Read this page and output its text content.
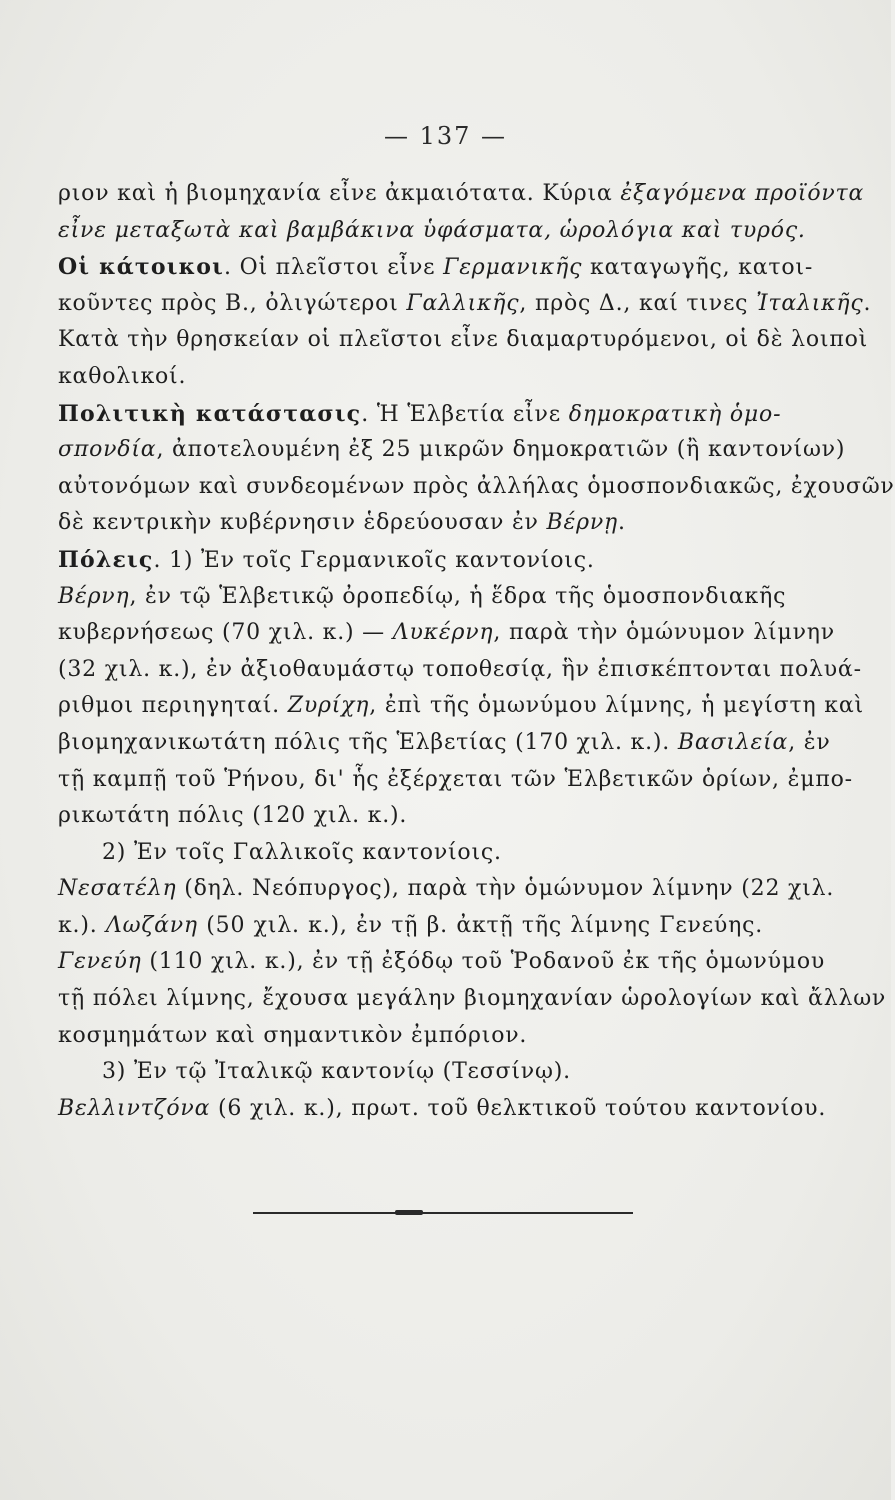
— 137 —
ριον καὶ ἡ βιομηχανία εἶνε ἀκμαιότατα. Κύρια ἐξαγόμενα προϊόντα
εἶνε μεταξωτὰ καὶ βαμβάκινα ὑφάσματα, ὡρολόγια καὶ τυρός.
Οἱ κάτοικοι. Οἱ πλεῖστοι εἶνε Γερμανικῆς καταγωγῆς, κατοι-
κοῦντες πρὸς Β., ὀλιγώτεροι Γαλλικῆς, πρὸς Δ., καί τινες Ἰταλικῆς.
Κατὰ τὴν θρησκείαν οἱ πλεῖστοι εἶνε διαμαρτυρόμενοι, οἱ δὲ λοιποὶ
καθολικοί.
Πολιτικὴ κατάστασις. Ἡ Ἑλβετία εἶνε δημοκρατικὴ ὁμο-
σπονδία, ἀποτελουμένη ἐξ 25 μικρῶν δημοκρατιῶν (ἢ καντονίων)
αὐτονόμων καὶ συνδεομένων πρὸς ἀλλήλας ὁμοσπονδιακῶς, ἐχουσῶν
δὲ κεντρικὴν κυβέρνησιν ἑδρεύουσαν ἐν Βέρνῃ.
Πόλεις. 1) Ἐν τοῖς Γερμανικοῖς καντονίοις.
Βέρνη, ἐν τῷ Ἑλβετικῷ ὀροπεδίῳ, ἡ ἕδρα τῆς ὁμοσπονδιακῆς
κυβερνήσεως (70 χιλ. κ.) — Λυκέρνη, παρὰ τὴν ὁμώνυμον λίμνην
(32 χιλ. κ.), ἐν ἀξιοθαυμάστῳ τοποθεσίᾳ, ἣν ἐπισκέπτονται πολυά-
ριθμοι περιηγηταί. Ζυρίχη, ἐπὶ τῆς ὁμωνύμου λίμνης, ἡ μεγίστη καὶ
βιομηχανικωτάτη πόλις τῆς Ἑλβετίας (170 χιλ. κ.). Βασιλεία, ἐν
τῇ καμπῇ τοῦ Ῥήνου, δι' ἧς ἐξέρχεται τῶν Ἑλβετικῶν ὁρίων, ἐμπο-
ρικωτάτη πόλις (120 χιλ. κ.).
2) Ἐν τοῖς Γαλλικοῖς καντονίοις.
Νεσατέλη (δηλ. Νεόπυργος), παρὰ τὴν ὁμώνυμον λίμνην (22 χιλ.
κ.). Λωζάνη (50 χιλ. κ.), ἐν τῇ β. ἀκτῇ τῆς λίμνης Γενεύης.
Γενεύη (110 χιλ. κ.), ἐν τῇ ἐξόδῳ τοῦ Ῥοδανοῦ ἐκ τῆς ὁμωνύμου
τῇ πόλει λίμνης, ἔχουσα μεγάλην βιομηχανίαν ὡρολογίων καὶ ἄλλων
κοσμημάτων καὶ σημαντικὸν ἐμπόριον.
3) Ἐν τῷ Ἰταλικῷ καντονίῳ (Τεσσίνῳ).
Βελλιντζόνα (6 χιλ. κ.), πρωτ. τοῦ θελκτικοῦ τούτου καντονίου.
